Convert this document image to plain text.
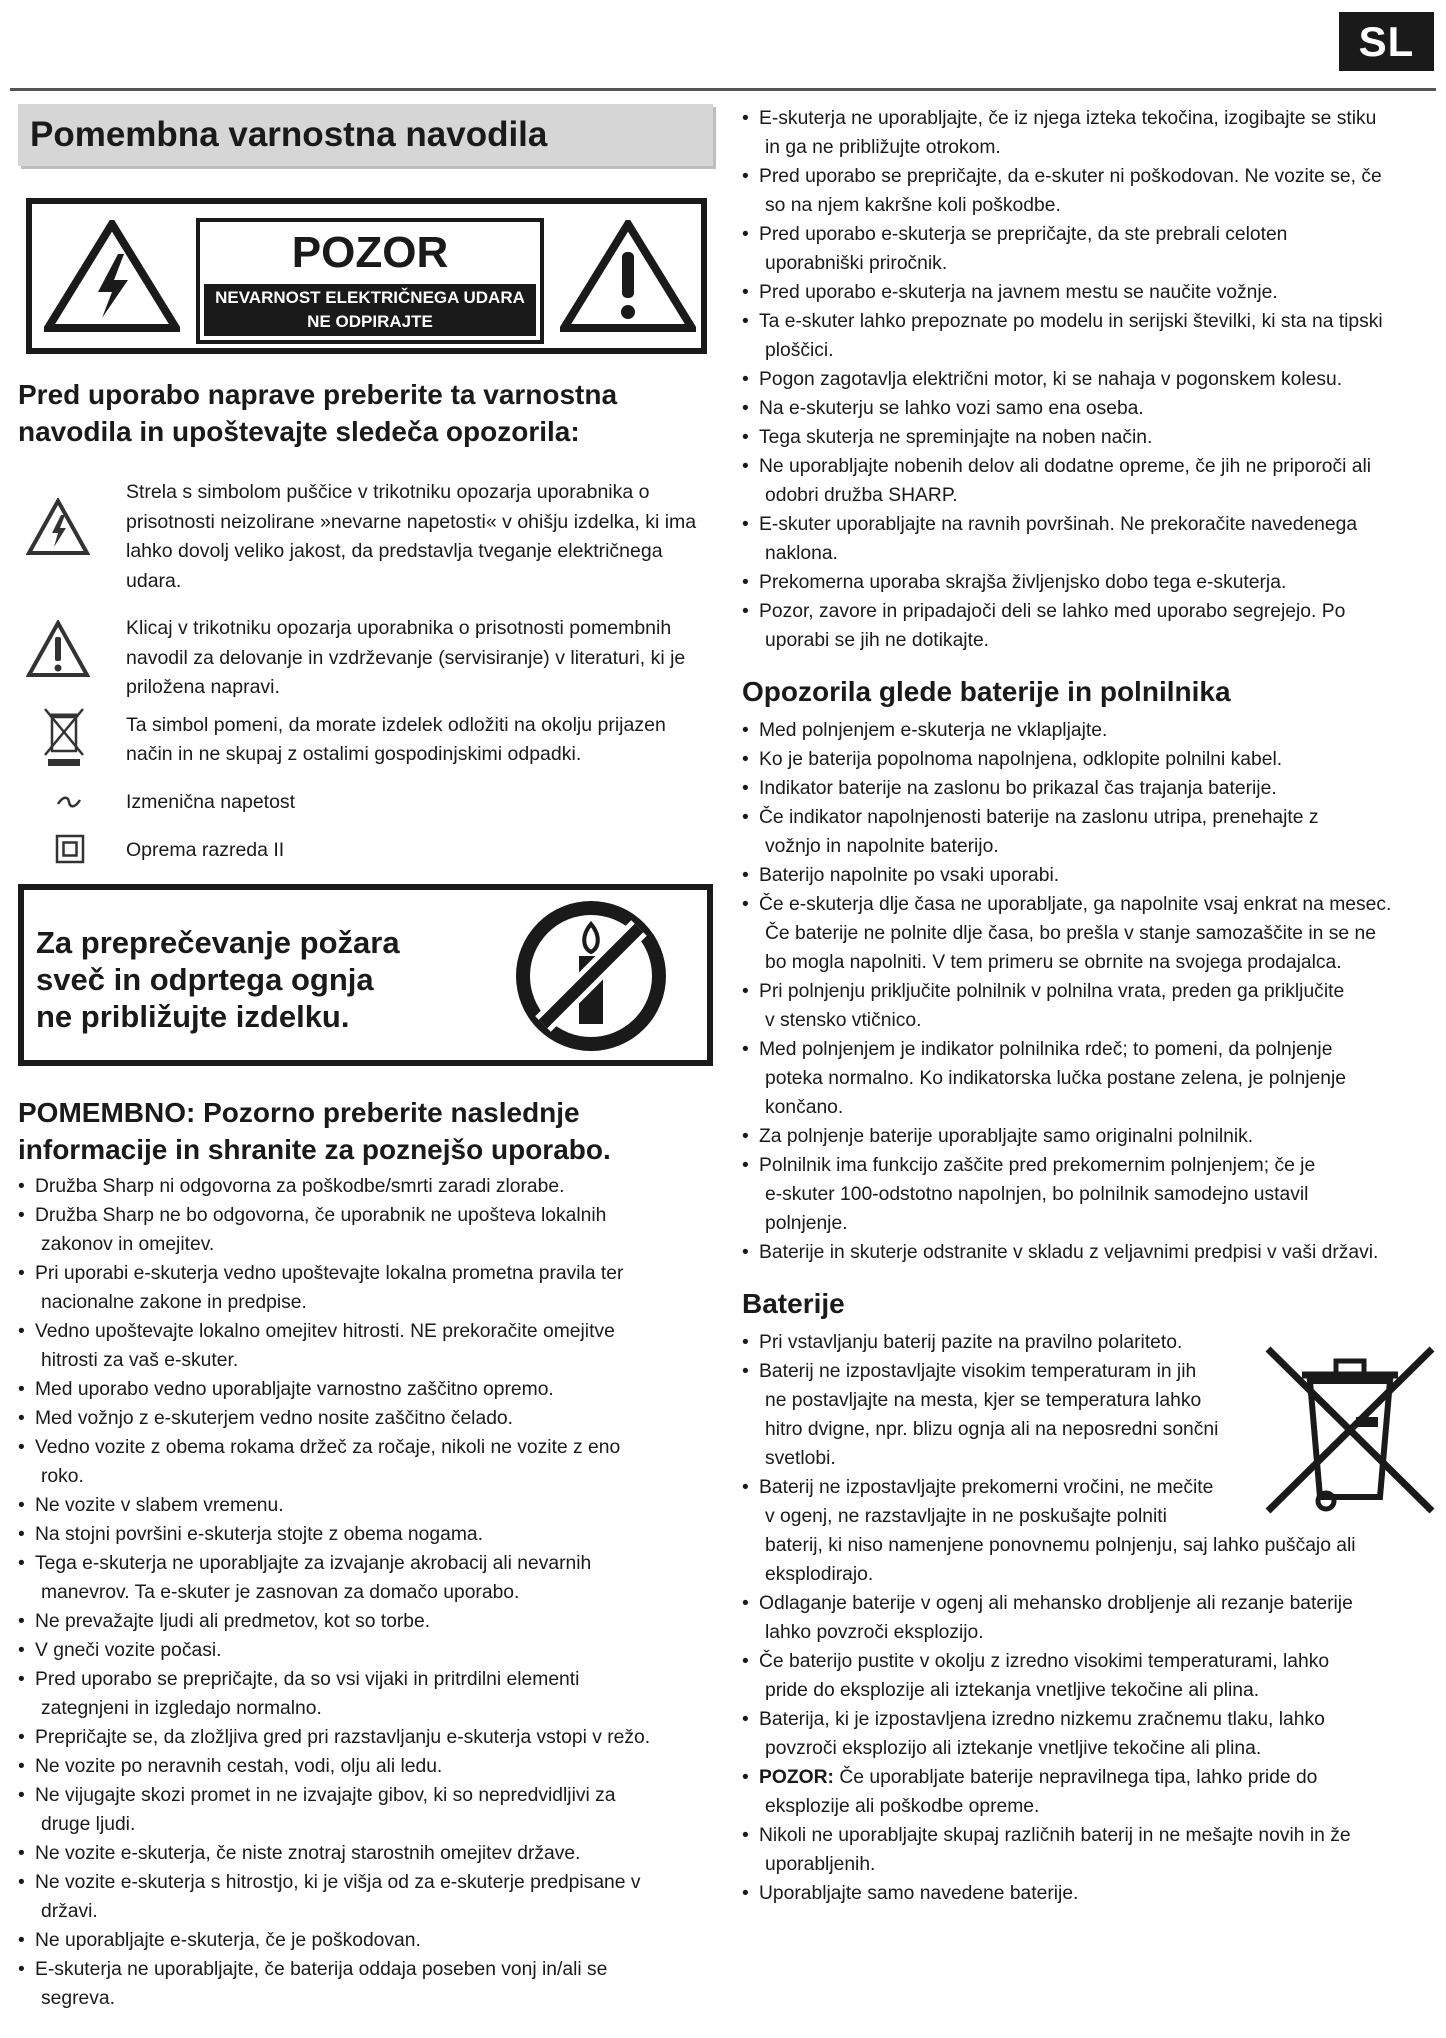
SL
Pomembna varnostna navodila
POZOR
NEVARNOST ELEKTRIČNEGA UDARA
NE ODPIRAJTE
Pred uporabo naprave preberite ta varnostna
navodila in upoštevajte sledeča opozorila:
Strela s simbolom puščice v trikotniku opozarja uporabnika o prisotnosti neizolirane »nevarne napetosti« v ohišju izdelka, ki ima lahko dovolj veliko jakost, da predstavlja tveganje električnega udara.
Klicaj v trikotniku opozarja uporabnika o prisotnosti pomembnih navodil za delovanje in vzdrževanje (servisiranje) v literaturi, ki je priložena napravi.
Ta simbol pomeni, da morate izdelek odložiti na okolju prijazen način in ne skupaj z ostalimi gospodinjskimi odpadki.
Izmenična napetost
Oprema razreda II
Za preprečevanje požara
sveč in odprtega ognja
ne približujte izdelku.
POMEMBNO: Pozorno preberite naslednje
informacije in shranite za poznejšo uporabo.
• Družba Sharp ni odgovorna za poškodbe/smrti zaradi zlorabe.
• Družba Sharp ne bo odgovorna, če uporabnik ne upošteva lokalnih
zakonov in omejitev.
• Pri uporabi e-skuterja vedno upoštevajte lokalna prometna pravila ter
nacionalne zakone in predpise.
• Vedno upoštevajte lokalno omejitev hitrosti. NE prekoračite omejitve
hitrosti za vaš e-skuter.
• Med uporabo vedno uporabljajte varnostno zaščitno opremo.
• Med vožnjo z e-skuterjem vedno nosite zaščitno čelado.
• Vedno vozite z obema rokama držeč za ročaje, nikoli ne vozite z eno
roko.
• Ne vozite v slabem vremenu.
• Na stojni površini e-skuterja stojte z obema nogama.
• Tega e-skuterja ne uporabljajte za izvajanje akrobacij ali nevarnih
manevrov. Ta e-skuter je zasnovan za domačo uporabo.
• Ne prevažajte ljudi ali predmetov, kot so torbe.
• V gneči vozite počasi.
• Pred uporabo se prepričajte, da so vsi vijaki in pritrdilni elementi
zategnjeni in izgledajo normalno.
• Prepričajte se, da zložljiva gred pri razstavljanju e-skuterja vstopi v režo.
• Ne vozite po neravnih cestah, vodi, olju ali ledu.
• Ne vijugajte skozi promet in ne izvajajte gibov, ki so nepredvidljivi za
druge ljudi.
• Ne vozite e-skuterja, če niste znotraj starostnih omejitev države.
• Ne vozite e-skuterja s hitrostjo, ki je višja od za e-skuterje predpisane v
državi.
• Ne uporabljajte e-skuterja, če je poškodovan.
• E-skuterja ne uporabljajte, če baterija oddaja poseben vonj in/ali se
segreva.
• E-skuterja ne uporabljajte, če iz njega izteka tekočina, izogibajte se stiku
in ga ne približujte otrokom.
• Pred uporabo se prepričajte, da e-skuter ni poškodovan. Ne vozite se, če
so na njem kakršne koli poškodbe.
• Pred uporabo e-skuterja se prepričajte, da ste prebrali celoten
uporabniški priročnik.
• Pred uporabo e-skuterja na javnem mestu se naučite vožnje.
• Ta e-skuter lahko prepoznate po modelu in serijski številki, ki sta na tipski
ploščici.
• Pogon zagotavlja električni motor, ki se nahaja v pogonskem kolesu.
• Na e-skuterju se lahko vozi samo ena oseba.
• Tega skuterja ne spreminjajte na noben način.
• Ne uporabljajte nobenih delov ali dodatne opreme, če jih ne priporoči ali
odobri družba SHARP.
• E-skuter uporabljajte na ravnih površinah. Ne prekoračite navedenega
naklona.
• Prekomerna uporaba skrajša življenjsko dobo tega e-skuterja.
• Pozor, zavore in pripadajoči deli se lahko med uporabo segrejejo. Po
uporabi se jih ne dotikajte.
Opozorila glede baterije in polnilnika
• Med polnjenjem e-skuterja ne vklapljajte.
• Ko je baterija popolnoma napolnjena, odklopite polnilni kabel.
• Indikator baterije na zaslonu bo prikazal čas trajanja baterije.
• Če indikator napolnjenosti baterije na zaslonu utripa, prenehajte z
vožnjo in napolnite baterijo.
• Baterijo napolnite po vsaki uporabi.
• Če e-skuterja dlje časa ne uporabljate, ga napolnite vsaj enkrat na mesec.
Če baterije ne polnite dlje časa, bo prešla v stanje samozaščite in se ne
bo mogla napolniti. V tem primeru se obrnite na svojega prodajalca.
• Pri polnjenju priključite polnilnik v polnilna vrata, preden ga priključite
v stensko vtičnico.
• Med polnjenjem je indikator polnilnika rdeč; to pomeni, da polnjenje
poteka normalno. Ko indikatorska lučka postane zelena, je polnjenje
končano.
• Za polnjenje baterije uporabljajte samo originalni polnilnik.
• Polnilnik ima funkcijo zaščite pred prekomernim polnjenjem; če je
e-skuter 100-odstotno napolnjen, bo polnilnik samodejno ustavil
polnjenje.
• Baterije in skuterje odstranite v skladu z veljavnimi predpisi v vaši državi.
Baterije
• Pri vstavljanju baterij pazite na pravilno polariteto.
• Baterij ne izpostavljajte visokim temperaturam in jih
ne postavljajte na mesta, kjer se temperatura lahko
hitro dvigne, npr. blizu ognja ali na neposredni sončni
svetlobi.
• Baterij ne izpostavljajte prekomerni vročini, ne mečite
v ogenj, ne razstavljajte in ne poskušajte polniti
baterij, ki niso namenjene ponovnemu polnjenju, saj lahko puščajo ali
eksplodirajo.
• Odlaganje baterije v ogenj ali mehansko drobljenje ali rezanje baterije
lahko povzroči eksplozijo.
• Če baterijo pustite v okolju z izredno visokimi temperaturami, lahko
pride do eksplozije ali iztekanja vnetljive tekočine ali plina.
• Baterija, ki je izpostavljena izredno nizkemu zračnemu tlaku, lahko
povzroči eksplozijo ali iztekanje vnetljive tekočine ali plina.
• POZOR: Če uporabljate baterije nepravilnega tipa, lahko pride do
eksplozije ali poškodbe opreme.
• Nikoli ne uporabljajte skupaj različnih baterij in ne mešajte novih in že
uporabljenih.
• Uporabljajte samo navedene baterije.
